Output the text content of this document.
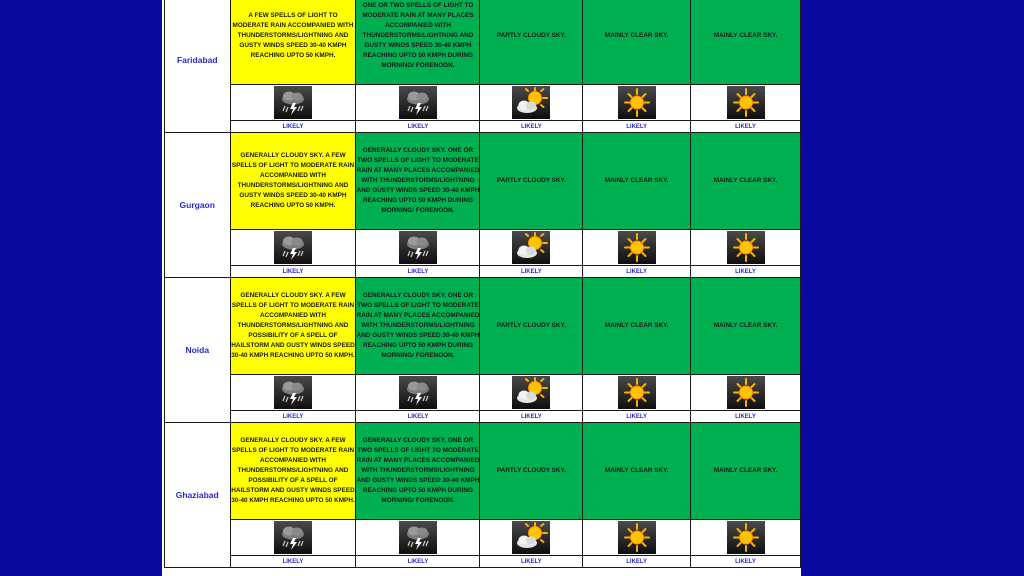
Faridabad	A FEW SPELLS OF LIGHT TO MODERATE RAIN ACCOMPANIED WITH THUNDERSTORMS/LIGHTNING AND GUSTY WINDS SPEED 30-40 KMPH REACHING UPTO 50 KMPH.	ONE OR TWO SPELLS OF LIGHT TO MODERATE RAIN AT MANY PLACES ACCOMPANIED WITH THUNDERSTORMS/LIGHTNING AND GUSTY WINDS SPEED 30-40 KMPH REACHING UPTO 50 KMPH DURING MORNING/ FORENOON.	PARTLY CLOUDY SKY.	MAINLY CLEAR SKY.	MAINLY CLEAR SKY.

	LIKELY	LIKELY	LIKELY	LIKELY	LIKELY
Gurgaon	GENERALLY CLOUDY SKY. A FEW SPELLS OF LIGHT TO MODERATE RAIN ACCOMPANIED WITH THUNDERSTORMS/LIGHTNING AND GUSTY WINDS SPEED 30-40 KMPH REACHING UPTO 50 KMPH.	GENERALLY CLOUDY SKY. ONE OR TWO SPELLS OF LIGHT TO MODERATE RAIN AT MANY PLACES ACCOMPANIED WITH THUNDERSTORMS/LIGHTNING AND GUSTY WINDS SPEED 30-40 KMPH REACHING UPTO 50 KMPH DURING MORNING/ FORENOON.	PARTLY CLOUDY SKY.	MAINLY CLEAR SKY.	MAINLY CLEAR SKY.

	LIKELY	LIKELY	LIKELY	LIKELY	LIKELY
Noida	GENERALLY CLOUDY SKY. A FEW SPELLS OF LIGHT TO MODERATE RAIN ACCOMPANIED WITH THUNDERSTORMS/LIGHTNING AND POSSIBILITY OF A SPELL OF HAILSTORM AND GUSTY WINDS SPEED 30-40 KMPH REACHING UPTO 50 KMPH.	GENERALLY CLOUDY SKY. ONE OR TWO SPELLS OF LIGHT TO MODERATE RAIN AT MANY PLACES ACCOMPANIED WITH THUNDERSTORMS/LIGHTNING AND GUSTY WINDS SPEED 30-40 KMPH REACHING UPTO 50 KMPH DURING MORNING/ FORENOON.	PARTLY CLOUDY SKY.	MAINLY CLEAR SKY.	MAINLY CLEAR SKY.

	LIKELY	LIKELY	LIKELY	LIKELY	LIKELY
Ghaziabad	GENERALLY CLOUDY SKY. A FEW SPELLS OF LIGHT TO MODERATE RAIN ACCOMPANIED WITH THUNDERSTORMS/LIGHTNING AND POSSIBILITY OF A SPELL OF HAILSTORM AND GUSTY WINDS SPEED 30-40 KMPH REACHING UPTO 50 KMPH.	GENERALLY CLOUDY SKY. ONE OR TWO SPELLS OF LIGHT TO MODERATE RAIN AT MANY PLACES ACCOMPANIED WITH THUNDERSTORMS/LIGHTNING AND GUSTY WINDS SPEED 30-40 KMPH REACHING UPTO 50 KMPH DURING MORNING/ FORENOON.	PARTLY CLOUDY SKY.	MAINLY CLEAR SKY.	MAINLY CLEAR SKY.

	LIKELY	LIKELY	LIKELY	LIKELY	LIKELY
